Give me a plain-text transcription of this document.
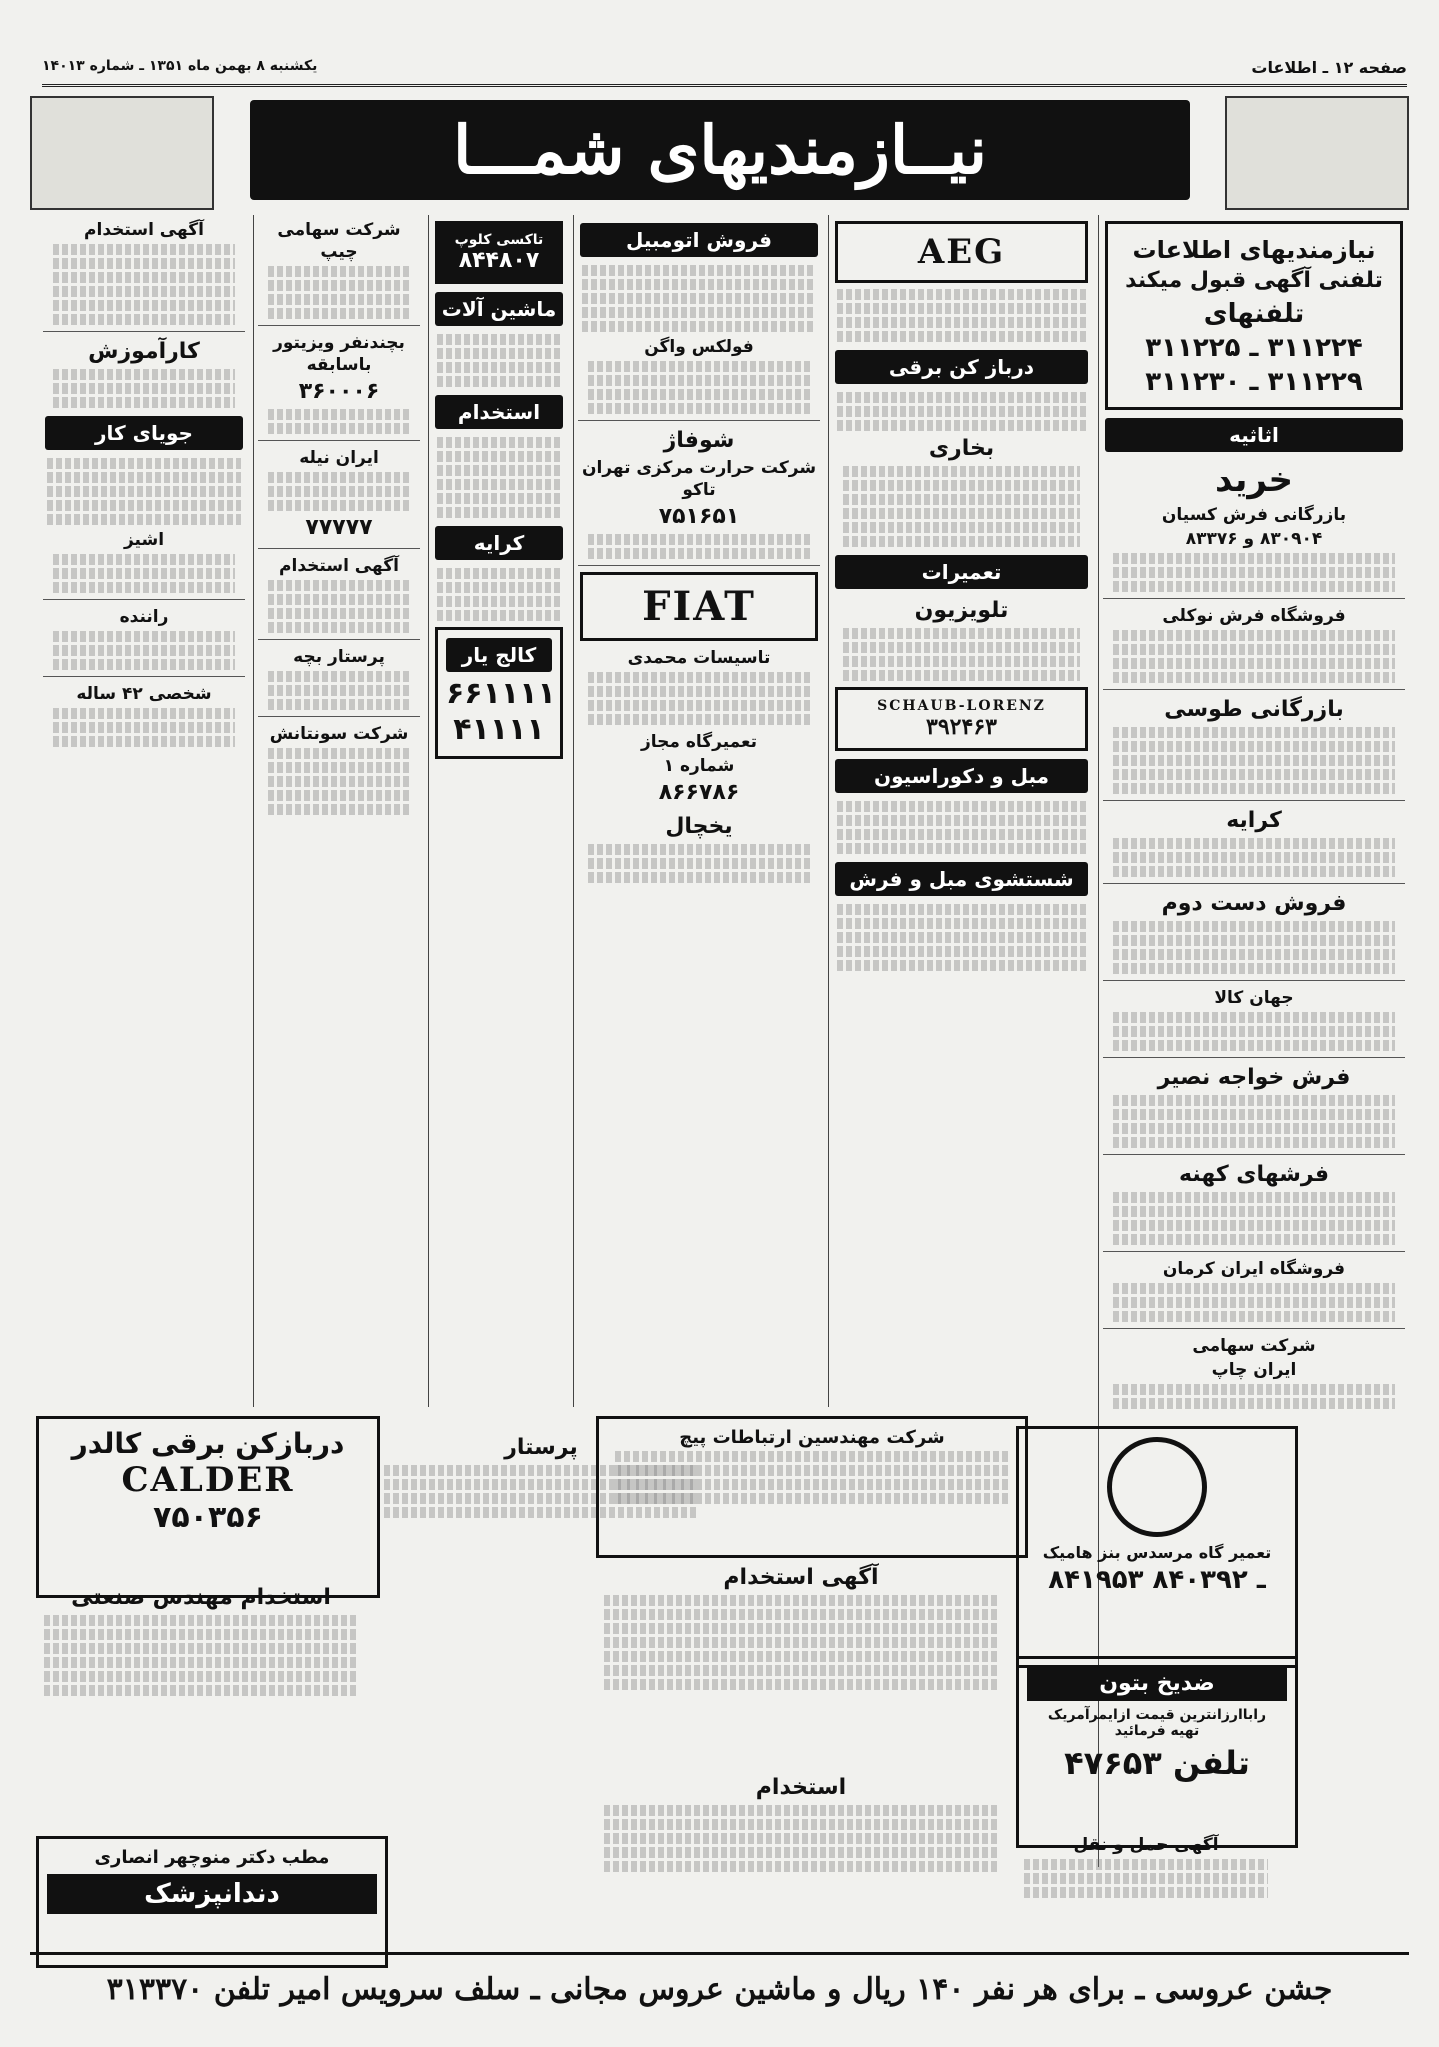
صفحه ۱۲ ـ اطلاعات
یکشنبه ۸ بهمن ماه ۱۳۵۱ ـ شماره ۱۴۰۱۳
نیــازمندیهای شمـــا
نیازمندیهای اطلاعات
تلفنی آگهی قبول میکند
تلفنهای
۳۱۱۲۲۴ ـ ۳۱۱۲۲۵
۳۱۱۲۲۹ ـ ۳۱۱۲۳۰
اثاثیه
خرید
بازرگانی فرش کسیان
۸۳۰۹۰۴ و ۸۳۳۷۶
فروشگاه فرش نوکلی
بازرگانی طوسی
کرایه
فروش دست دوم
جهان کالا
فرش خواجه نصیر
فرشهای کهنه
فروشگاه ایران کرمان
شرکت سهامی
ایران چاپ
AEG
درباز کن برقی
بخاری
تعمیرات
تلویزیون
SCHAUB-LORENZ
۳۹۲۴۶۳
مبل و دکوراسیون
شستشوی مبل و فرش
فروش اتومبیل
فولکس واگن
شوفاژ
شرکت حرارت مرکزی تهران تاکو
۷۵۱۶۵۱
FIAT
تاسیسات محمدی
تعمیرگاه مجاز
شماره ۱
۸۶۶۷۸۶
یخچال
تاکسی کلوپ
۸۴۴۸۰۷
ماشین آلات
استخدام
کرایه
کالج یار
۶۶۱۱۱۱
۴۱۱۱۱
شرکت سهامی چیپ
بچندنفر ویزیتور باسابقه
۳۶۰۰۰۶
ایران نیله
۷۷۷۷۷
آگهی استخدام
پرستار بچه
شرکت سونتانش
آگهی استخدام
کارآموزش
جویای کار
اشیز
راننده
شخصی ۴۲ ساله
دربازکن برقی کالدر
CALDER
۷۵۰۳۵۶
استخدام مهندس صنعتی
مطب دکتر منوچهر انصاری
دندانپزشک
پرستار	شرکت مهندسین ارتباطات پیچ
آگهی استخدام
استخدام
تعمیر گاه مرسدس بنز هامیک
۸۴۱۹۵۳ ـ ۸۴۰۳۹۲
ضدیخ بتون
راباارزانترین قیمت ازایمرآمریک تهیه فرمائید
تلفن ۴۷۶۵۳
آگهی حمل و نقل
جشن عروسی ـ برای هر نفر ۱۴۰ ریال و ماشین عروس مجانی ـ سلف سرویس امیر تلفن ۳۱۳۳۷۰
